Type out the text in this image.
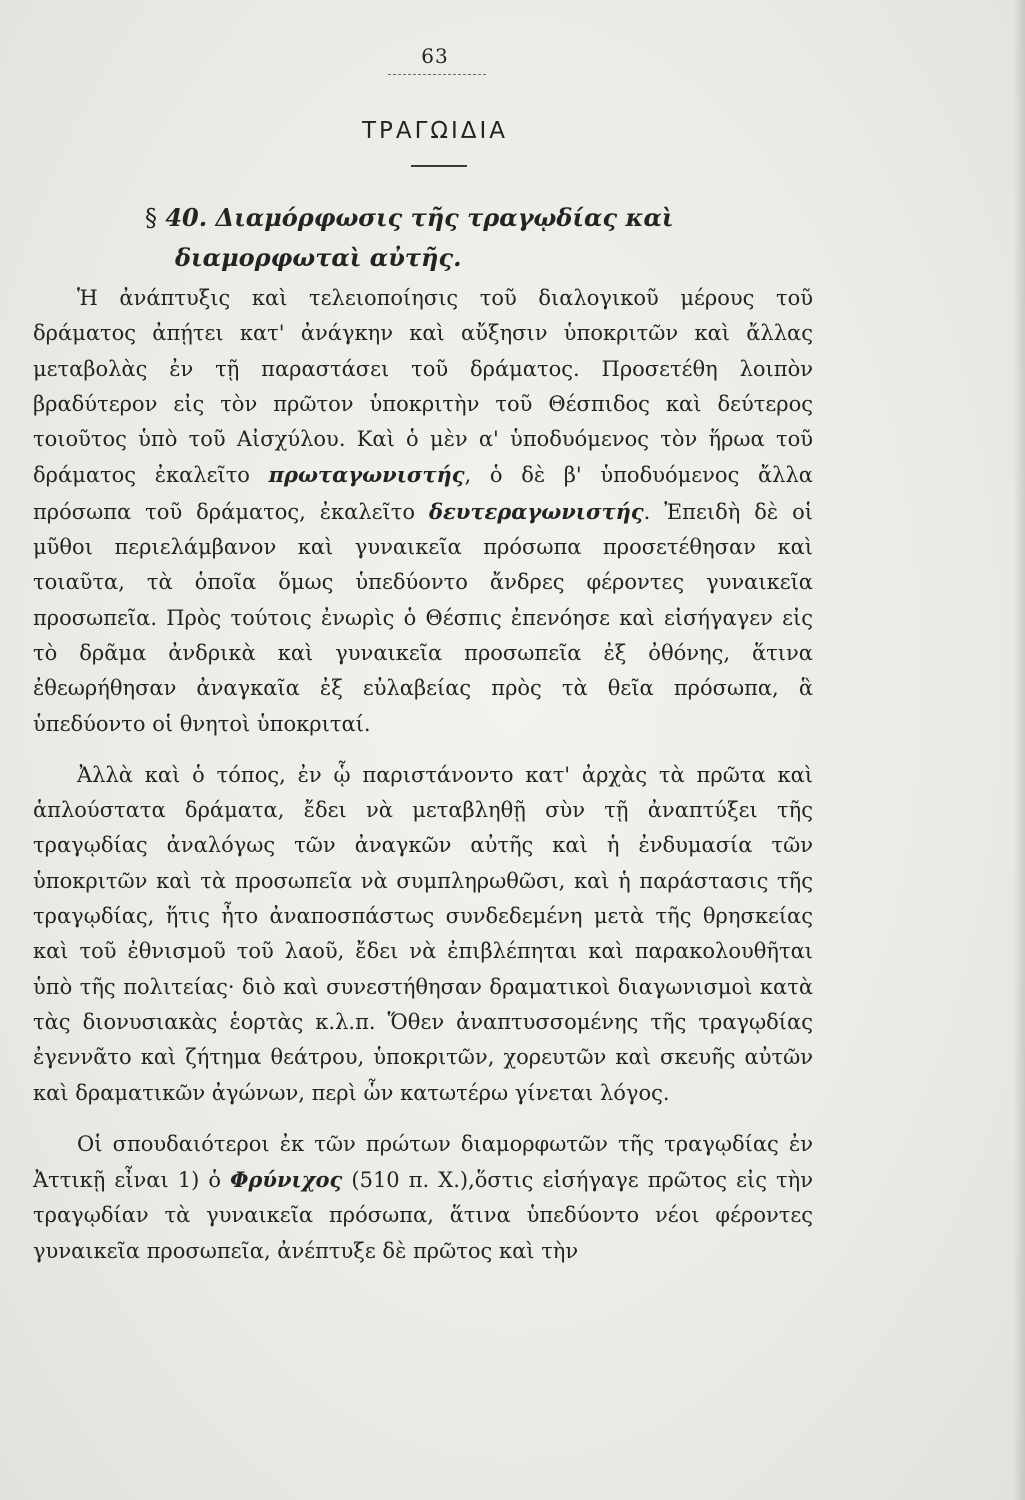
63
ΤΡΑΓΩΙΔΙΑ
§ 40. Διαμόρφωσις τῆς τραγῳδίας καὶ
διαμορφωταὶ αὐτῆς.

Ἡ ἀνάπτυξις καὶ τελειοποίησις τοῦ διαλογικοῦ μέρους τοῦ δράματος ἀπῄτει κατ' ἀνάγκην καὶ αὔξησιν ὑποκριτῶν καὶ ἄλλας μεταβολὰς ἐν τῇ παραστάσει τοῦ δράματος. Προσετέθη λοιπὸν βραδύτερον εἰς τὸν πρῶτον ὑποκριτὴν τοῦ Θέσπιδος καὶ δεύτερος τοιοῦτος ὑπὸ τοῦ Αἰσχύλου. Καὶ ὁ μὲν α' ὑποδυόμενος τὸν ἥρωα τοῦ δράματος ἐκαλεῖτο πρωταγωνιστής, ὁ δὲ β' ὑποδυόμενος ἄλλα πρόσωπα τοῦ δράματος, ἐκαλεῖτο δευτεραγωνιστής. Ἐπειδὴ δὲ οἱ μῦθοι περιελάμβανον καὶ γυναικεῖα πρόσωπα προσετέθησαν καὶ τοιαῦτα, τὰ ὁποῖα ὅμως ὑπεδύοντο ἄνδρες φέροντες γυναικεῖα προσωπεῖα. Πρὸς τούτοις ἐνωρὶς ὁ Θέσπις ἐπενόησε καὶ εἰσήγαγεν εἰς τὸ δρᾶμα ἀνδρικὰ καὶ γυναικεῖα προσωπεῖα ἐξ ὀθόνης, ἅτινα ἐθεωρήθησαν ἀναγκαῖα ἐξ εὐλαβείας πρὸς τὰ θεῖα πρόσωπα, ἃ ὑπεδύοντο οἱ θνητοὶ ὑποκριταί.

Ἀλλὰ καὶ ὁ τόπος, ἐν ᾧ παριστάνοντο κατ' ἀρχὰς τὰ πρῶτα καὶ ἁπλούστατα δράματα, ἔδει νὰ μεταβληθῇ σὺν τῇ ἀναπτύξει τῆς τραγῳδίας ἀναλόγως τῶν ἀναγκῶν αὐτῆς καὶ ἡ ἐνδυμασία τῶν ὑποκριτῶν καὶ τὰ προσωπεῖα νὰ συμπληρωθῶσι, καὶ ἡ παράστασις τῆς τραγῳδίας, ἥτις ἦτο ἀναποσπάστως συνδεδεμένη μετὰ τῆς θρησκείας καὶ τοῦ ἐθνισμοῦ τοῦ λαοῦ, ἔδει νὰ ἐπιβλέπηται καὶ παρακολουθῆται ὑπὸ τῆς πολιτείας· διὸ καὶ συνεστήθησαν δραματικοὶ διαγωνισμοὶ κατὰ τὰς διονυσιακὰς ἑορτὰς κ.λ.π. Ὅθεν ἀναπτυσσομένης τῆς τραγῳδίας ἐγεννᾶτο καὶ ζήτημα θεάτρου, ὑποκριτῶν, χορευτῶν καὶ σκευῆς αὐτῶν καὶ δραματικῶν ἀγώνων, περὶ ὧν κατωτέρω γίνεται λόγος.

Οἱ σπουδαιότεροι ἐκ τῶν πρώτων διαμορφωτῶν τῆς τραγῳδίας ἐν Ἀττικῇ εἶναι 1) ὁ Φρύνιχος (510 π. Χ.),ὅστις εἰσήγαγε πρῶτος εἰς τὴν τραγῳδίαν τὰ γυναικεῖα πρόσωπα, ἅτινα ὑπεδύοντο νέοι φέροντες γυναικεῖα προσωπεῖα, ἀνέπτυξε δὲ πρῶτος καὶ τὴν
